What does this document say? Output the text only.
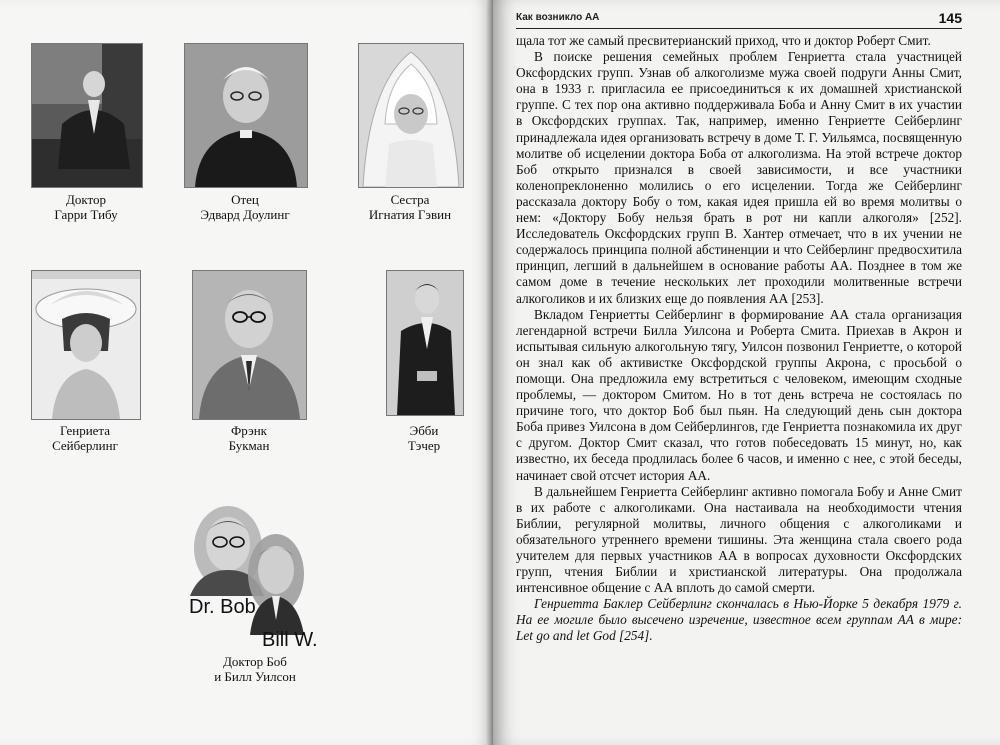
Доктор
Гарри Тибу
Отец
Эдвард Доулинг
Сестра
Игнатия Гэвин
Генриета
Сейберлинг
Фрэнк
Букман
Эбби
Тэчер
Dr. Bob
Bill W.
Доктор Боб
и Билл Уилсон
Как возникло АА	145

щала тот же самый пресвитерианский приход, что и доктор Роберт Смит.

В поиске решения семейных проблем Генриетта стала участницей Оксфордских групп. Узнав об алкоголизме мужа своей подруги Анны Смит, она в 1933 г. пригласила ее присоединиться к их домашней христианской группе. С тех пор она активно поддерживала Боба и Анну Смит в их участии в Оксфордских группах. Так, например, именно Генриетте Сейберлинг принадлежала идея организовать встречу в доме Т. Г. Уильямса, посвященную молитве об исцелении доктора Боба от алкоголизма. На этой встрече доктор Боб открыто признался в своей зависимости, и все участники коленопреклоненно молились о его исцелении. Тогда же Сейберлинг рассказала доктору Бобу о том, какая идея пришла ей во время молитвы о нем: «Доктору Бобу нельзя брать в рот ни капли алкоголя» [252]. Исследователь Оксфордских групп В. Хантер отмечает, что в их учении не содержалось принципа полной абстиненции и что Сейберлинг предвосхитила принцип, легший в дальнейшем в основание работы АА. Позднее в том же самом доме в течение нескольких лет проходили молитвенные встречи алкоголиков и их близких еще до появления АА [253].

Вкладом Генриетты Сейберлинг в формирование АА стала организация легендарной встречи Билла Уилсона и Роберта Смита. Приехав в Акрон и испытывая сильную алкогольную тягу, Уилсон позвонил Генриетте, о которой он знал как об активистке Оксфордской группы Акрона, с просьбой о помощи. Она предложила ему встретиться с человеком, имеющим сходные проблемы, — доктором Смитом. Но в тот день встреча не состоялась по причине того, что доктор Боб был пьян. На следующий день сын доктора Боба привез Уилсона в дом Сейберлингов, где Генриетта познакомила их друг с другом. Доктор Смит сказал, что готов побеседовать 15 минут, но, как известно, их беседа продлилась более 6 часов, и именно с нее, с этой беседы, начинает свой отсчет история АА.

В дальнейшем Генриетта Сейберлинг активно помогала Бобу и Анне Смит в их работе с алкоголиками. Она настаивала на необходимости чтения Библии, регулярной молитвы, личного общения с алкоголиками и обязательного утреннего времени тишины. Эта женщина стала своего рода учителем для первых участников АА в вопросах духовности Оксфордских групп, чтения Библии и христианской литературы. Она продолжала интенсивное общение с АА вплоть до самой смерти.

Генриетта Баклер Сейберлинг скончалась в Нью-Йорке 5 декабря 1979 г. На ее могиле было высечено изречение, известное всем группам АА в мире: Let go and let God [254].
